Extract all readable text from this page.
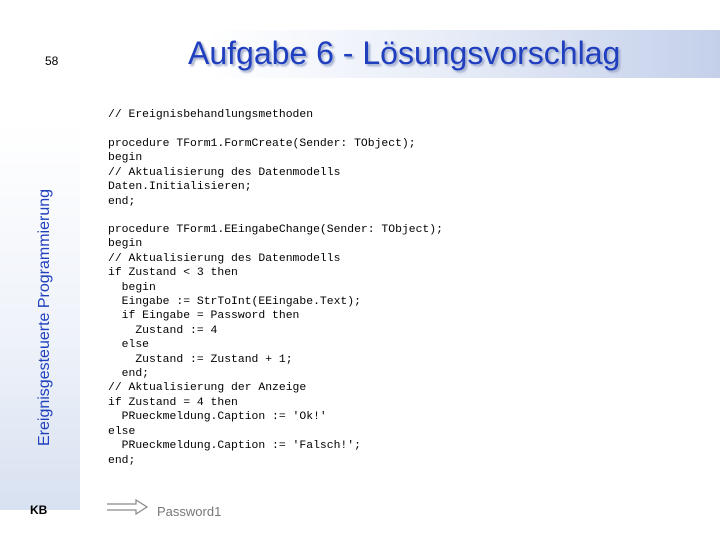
58	Aufgabe 6 - Lösungsvorschlag
Ereignisgesteuerte Programmierung
KB
// Ereignisbehandlungsmethoden
procedure TForm1.FormCreate(Sender: TObject);
begin
// Aktualisierung des Datenmodells
Daten.Initialisieren;
end;
procedure TForm1.EEingabeChange(Sender: TObject);
begin
// Aktualisierung des Datenmodells
if Zustand < 3 then
begin
Eingabe := StrToInt(EEingabe.Text);
if Eingabe = Password then
Zustand := 4
else
Zustand := Zustand + 1;
end;
// Aktualisierung der Anzeige
if Zustand = 4 then
PRueckmeldung.Caption := 'Ok!'
else
PRueckmeldung.Caption := 'Falsch!';
end;
Password1
